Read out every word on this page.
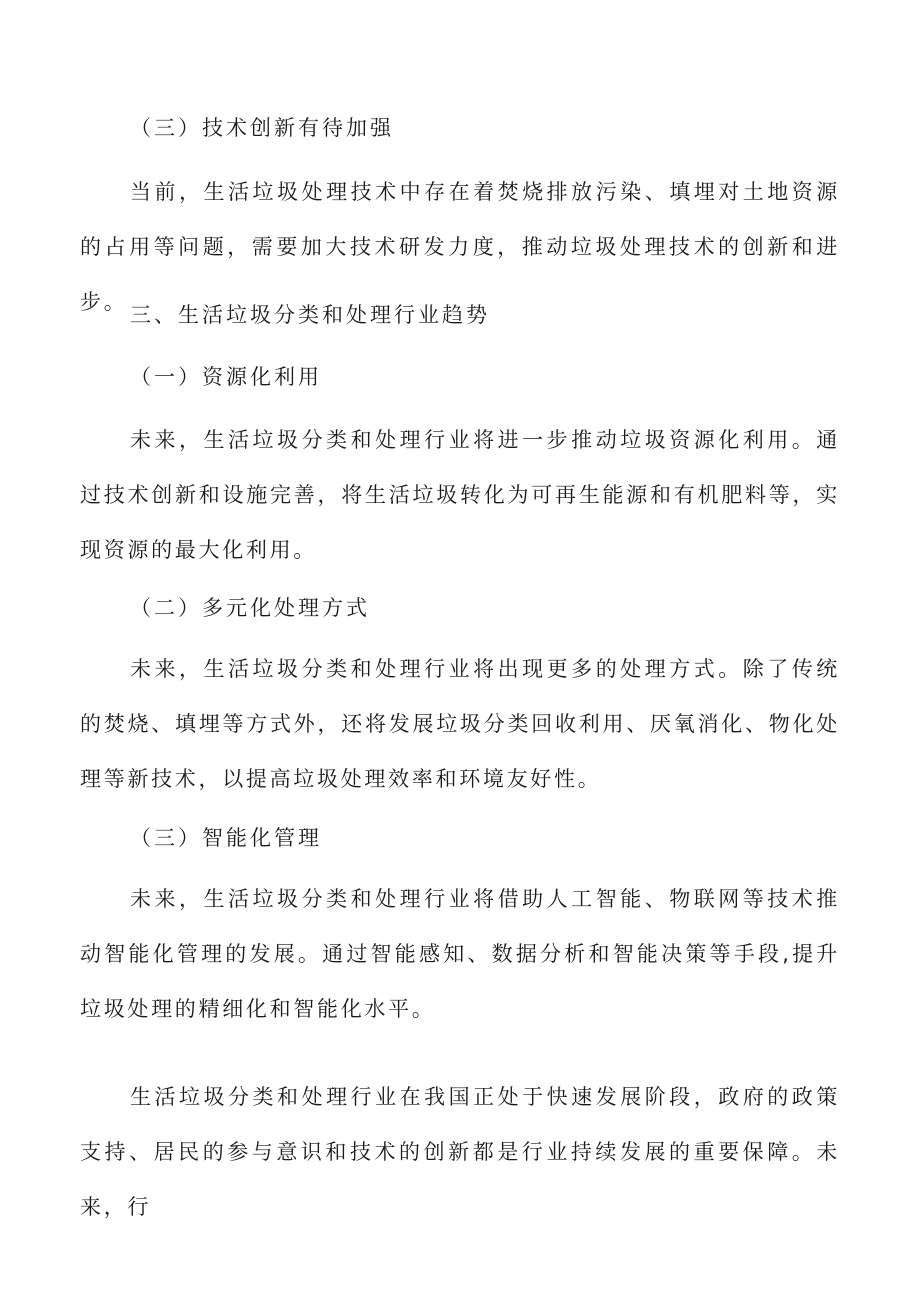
（三）技术创新有待加强

当前，生活垃圾处理技术中存在着焚烧排放污染、填埋对土地资源的占用等问题，需要加大技术研发力度，推动垃圾处理技术的创新和进步。

三、生活垃圾分类和处理行业趋势
（一）资源化利用

未来，生活垃圾分类和处理行业将进一步推动垃圾资源化利用。通过技术创新和设施完善，将生活垃圾转化为可再生能源和有机肥料等，实现资源的最大化利用。

（二）多元化处理方式

未来，生活垃圾分类和处理行业将出现更多的处理方式。除了传统的焚烧、填埋等方式外，还将发展垃圾分类回收利用、厌氧消化、物化处理等新技术，以提高垃圾处理效率和环境友好性。

（三）智能化管理

未来，生活垃圾分类和处理行业将借助人工智能、物联网等技术推动智能化管理的发展。通过智能感知、数据分析和智能决策等手段,提升垃圾处理的精细化和智能化水平。

生活垃圾分类和处理行业在我国正处于快速发展阶段，政府的政策支持、居民的参与意识和技术的创新都是行业持续发展的重要保障。未来，行
